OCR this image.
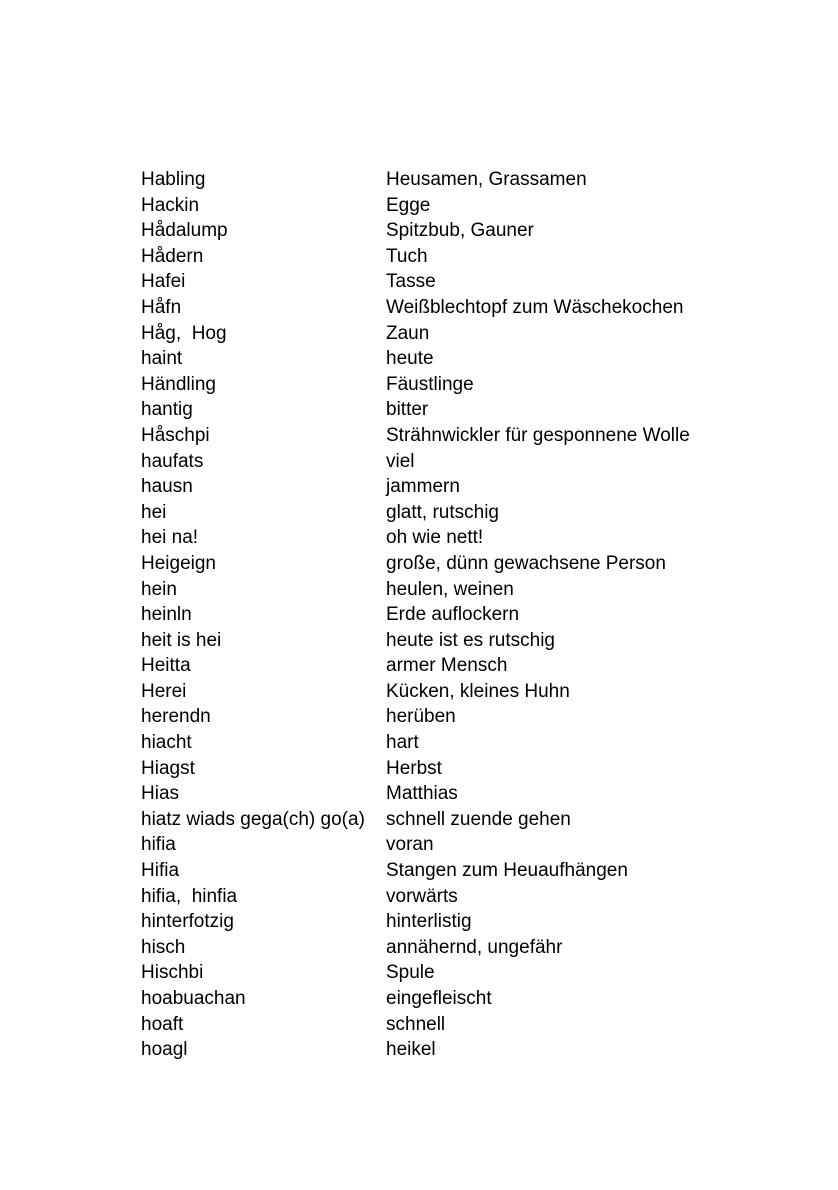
Habling	Heusamen, Grassamen
Hackin	Egge
Hådalump	Spitzbub, Gauner
Hådern	Tuch
Hafei	Tasse
Håfn	Weißblechtopf zum Wäschekochen
Håg,  Hog	Zaun
haint	heute
Händling	Fäustlinge
hantig	bitter
Håschpi	Strähnwickler für gesponnene Wolle
haufats	viel
hausn	jammern
hei	glatt, rutschig
hei na!	oh wie nett!
Heigeign	große, dünn gewachsene Person
hein	heulen, weinen
heinln	Erde auflockern
heit is hei	heute ist es rutschig
Heitta	armer Mensch
Herei	Kücken, kleines Huhn
herendn	herüben
hiacht	hart
Hiagst	Herbst
Hias	Matthias
hiatz wiads gega(ch) go(a)	schnell zuende gehen
hifia	voran
Hifia	Stangen zum Heuaufhängen
hifia,  hinfia	vorwärts
hinterfotzig	hinterlistig
hisch	annähernd, ungefähr
Hischbi	Spule
hoabuachan	eingefleischt
hoaft	schnell
hoagl	heikel
